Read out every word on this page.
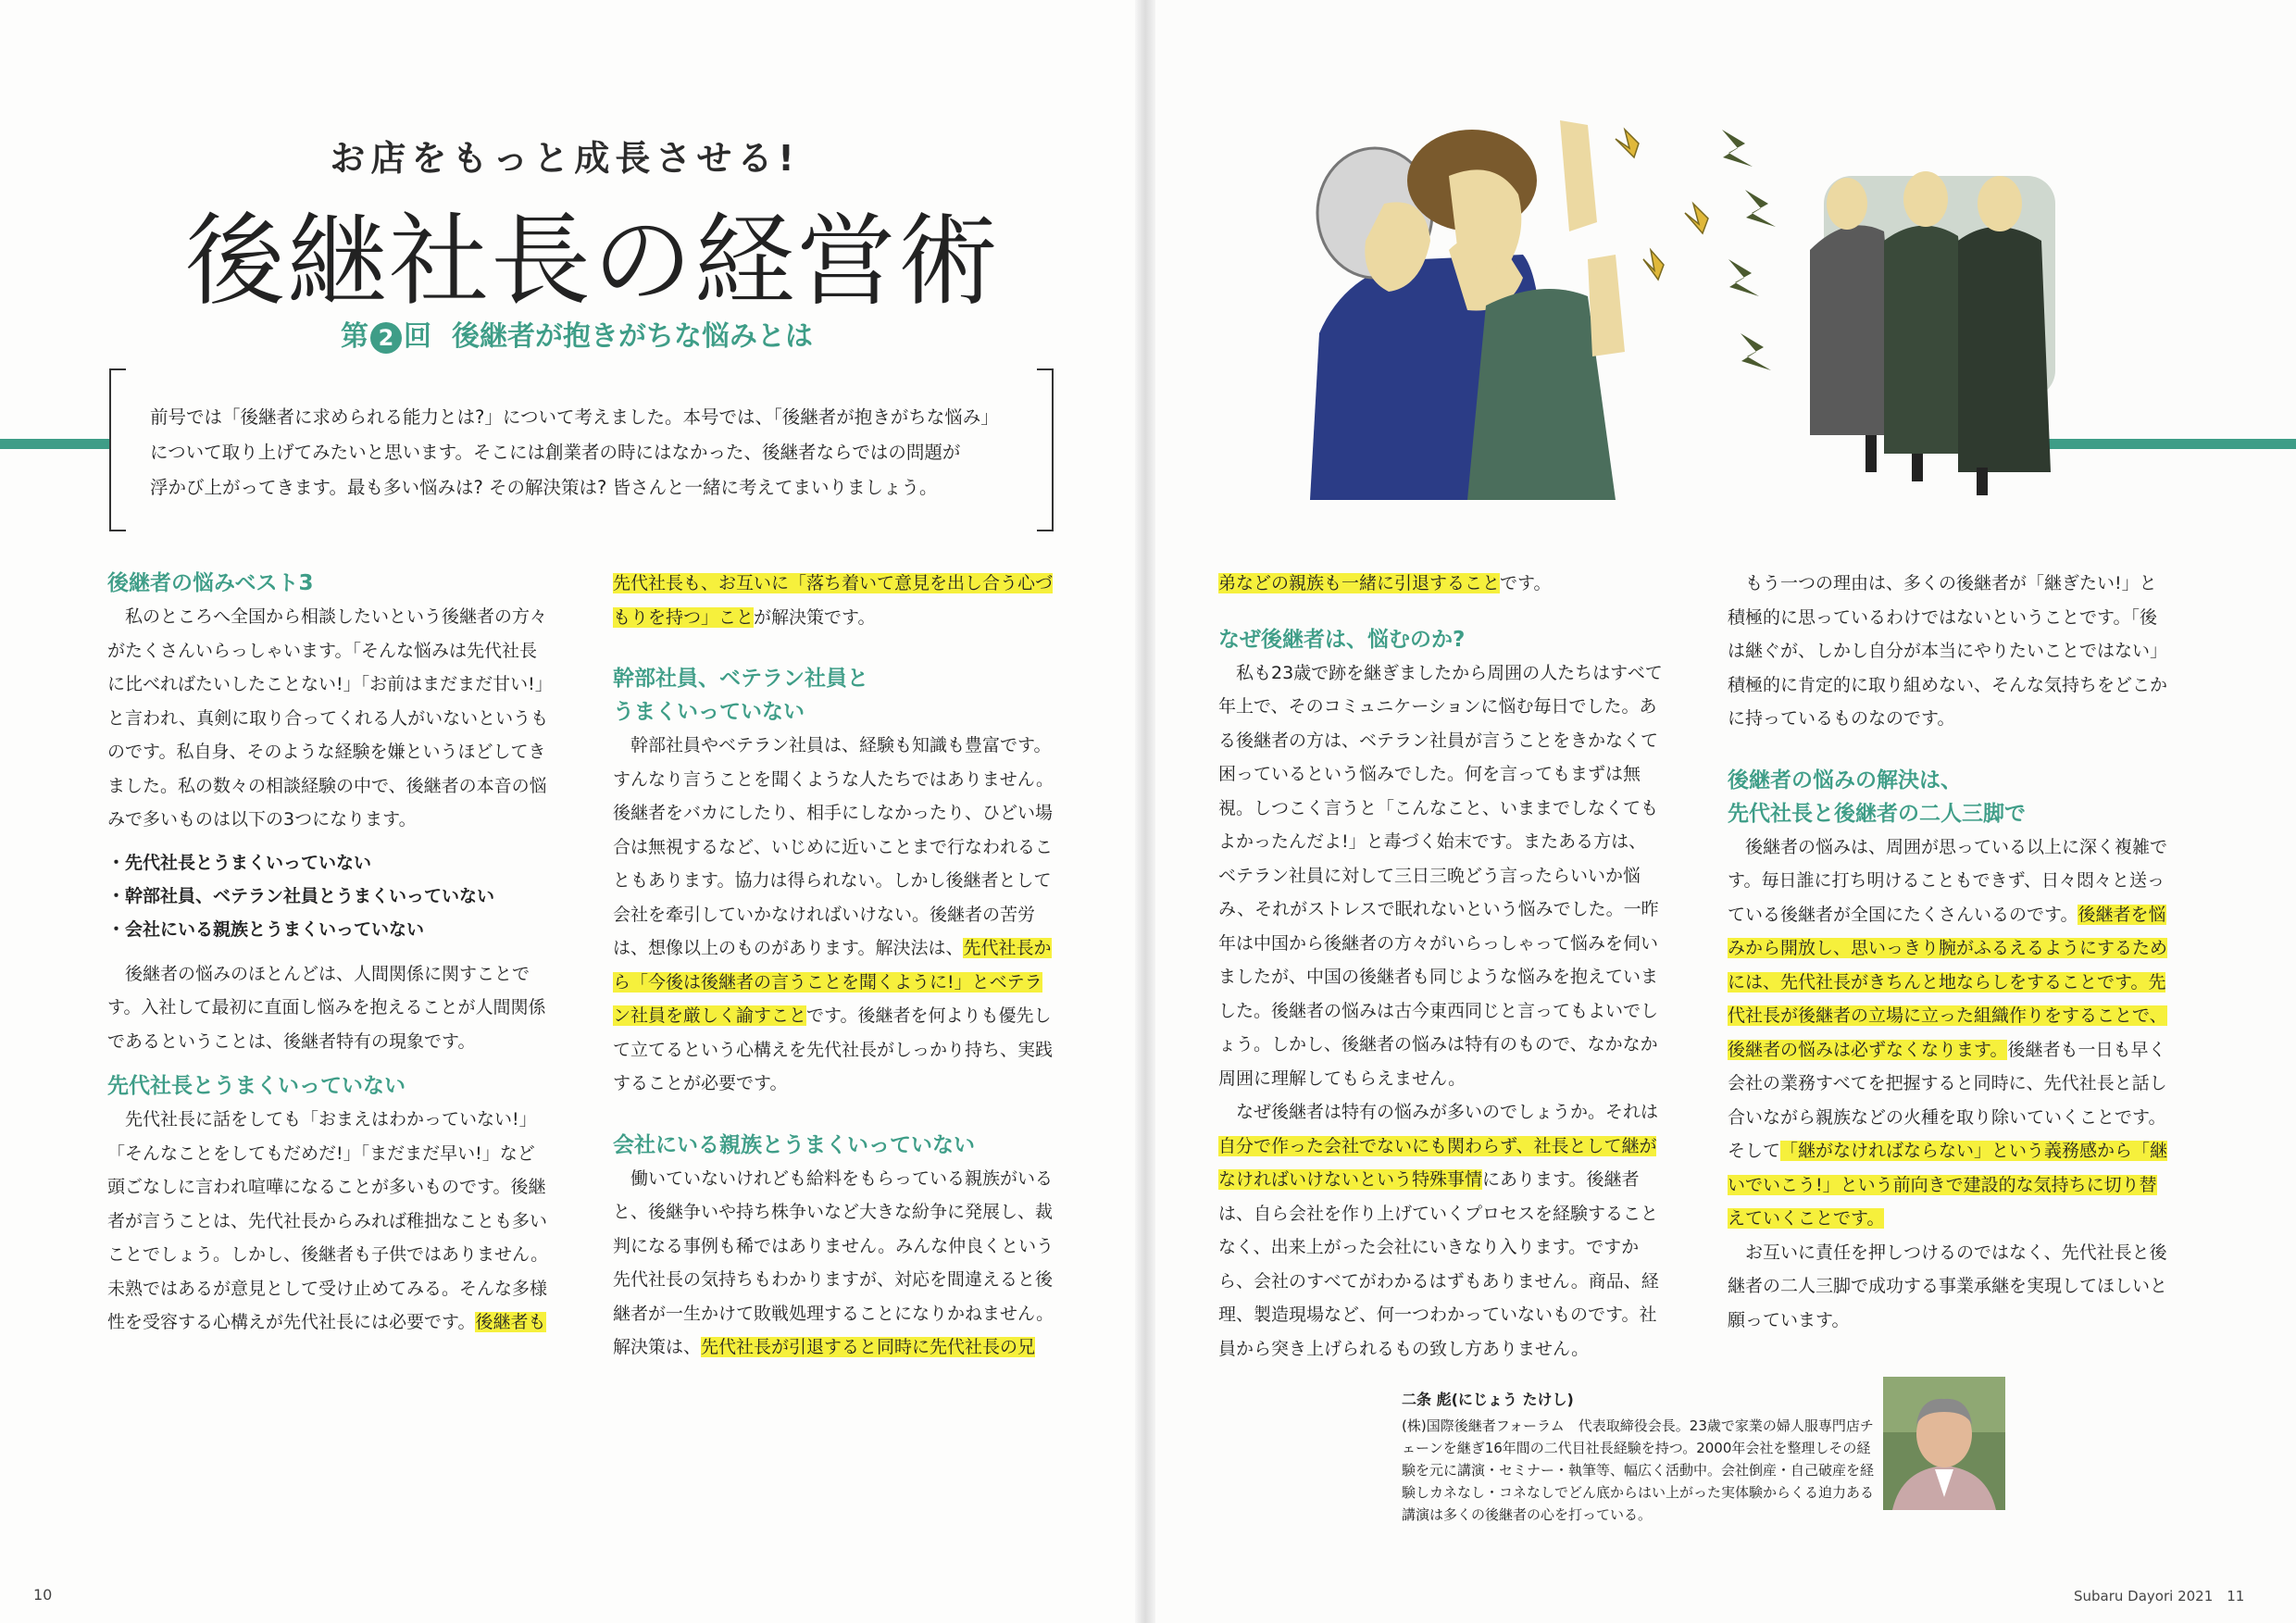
お店をもっと成長させる!
後継社長の経営術
第 2 回 後継者が抱きがちな悩みとは

前号では「後継者に求められる能力とは?」について考えました。本号では、「後継者が抱きがちな悩み」

について取り上げてみたいと思います。そこには創業者の時にはなかった、後継者ならではの問題が

浮かび上がってきます。最も多い悩みは? その解決策は? 皆さんと一緒に考えてまいりましょう。

後継者の悩みベスト3

私のところへ全国から相談したいという後継者の方々がたくさんいらっしゃいます。「そんな悩みは先代社長に比べればたいしたことない!」「お前はまだまだ甘い!」と言われ、真剣に取り合ってくれる人がいないというものです。私自身、そのような経験を嫌というほどしてきました。私の数々の相談経験の中で、後継者の本音の悩みで多いものは以下の3つになります。

・先代社長とうまくいっていない
・幹部社員、ベテラン社員とうまくいっていない
・会社にいる親族とうまくいっていない

後継者の悩みのほとんどは、人間関係に関すことです。入社して最初に直面し悩みを抱えることが人間関係であるということは、後継者特有の現象です。

先代社長とうまくいっていない

先代社長に話をしても「おまえはわかっていない!」「そんなことをしてもだめだ!」「まだまだ早い!」など頭ごなしに言われ喧嘩になることが多いものです。後継者が言うことは、先代社長からみれば稚拙なことも多いことでしょう。しかし、後継者も子供ではありません。未熟ではあるが意見として受け止めてみる。そんな多様性を受容する心構えが先代社長には必要です。後継者も

先代社長も、お互いに「落ち着いて意見を出し合う心づもりを持つ」ことが解決策です。

幹部社員、ベテラン社員と
うまくいっていない

幹部社員やベテラン社員は、経験も知識も豊富です。すんなり言うことを聞くような人たちではありません。後継者をバカにしたり、相手にしなかったり、ひどい場合は無視するなど、いじめに近いことまで行なわれることもあります。協力は得られない。しかし後継者として会社を牽引していかなければいけない。後継者の苦労は、想像以上のものがあります。解決法は、先代社長から「今後は後継者の言うことを聞くように!」とベテラン社員を厳しく諭すことです。後継者を何よりも優先して立てるという心構えを先代社長がしっかり持ち、実践することが必要です。

会社にいる親族とうまくいっていない

働いていないけれども給料をもらっている親族がいると、後継争いや持ち株争いなど大きな紛争に発展し、裁判になる事例も稀ではありません。みんな仲良くという先代社長の気持ちもわかりますが、対応を間違えると後継者が一生かけて敗戦処理することになりかねません。解決策は、先代社長が引退すると同時に先代社長の兄

弟などの親族も一緒に引退することです。

なぜ後継者は、悩むのか?

私も23歳で跡を継ぎましたから周囲の人たちはすべて年上で、そのコミュニケーションに悩む毎日でした。ある後継者の方は、ベテラン社員が言うことをきかなくて困っているという悩みでした。何を言ってもまずは無視。しつこく言うと「こんなこと、いままでしなくてもよかったんだよ!」と毒づく始末です。またある方は、ベテラン社員に対して三日三晩どう言ったらいいか悩み、それがストレスで眠れないという悩みでした。一昨年は中国から後継者の方々がいらっしゃって悩みを伺いましたが、中国の後継者も同じような悩みを抱えていました。後継者の悩みは古今東西同じと言ってもよいでしょう。しかし、後継者の悩みは特有のもので、なかなか周囲に理解してもらえません。

なぜ後継者は特有の悩みが多いのでしょうか。それは自分で作った会社でないにも関わらず、社長として継がなければいけないという特殊事情にあります。後継者は、自ら会社を作り上げていくプロセスを経験することなく、出来上がった会社にいきなり入ります。ですから、会社のすべてがわかるはずもありません。商品、経理、製造現場など、何一つわかっていないものです。社員から突き上げられるもの致し方ありません。

もう一つの理由は、多くの後継者が「継ぎたい!」と積極的に思っているわけではないということです。「後は継ぐが、しかし自分が本当にやりたいことではない」積極的に肯定的に取り組めない、そんな気持ちをどこかに持っているものなのです。

後継者の悩みの解決は、
先代社長と後継者の二人三脚で

後継者の悩みは、周囲が思っている以上に深く複雑です。毎日誰に打ち明けることもできず、日々悶々と送っている後継者が全国にたくさんいるのです。後継者を悩みから開放し、思いっきり腕がふるえるようにするためには、先代社長がきちんと地ならしをすることです。先代社長が後継者の立場に立った組織作りをすることで、後継者の悩みは必ずなくなります。後継者も一日も早く会社の業務すべてを把握すると同時に、先代社長と話し合いながら親族などの火種を取り除いていくことです。そして「継がなければならない」という義務感から「継いでいこう!」という前向きで建設的な気持ちに切り替えていくことです。

お互いに責任を押しつけるのではなく、先代社長と後継者の二人三脚で成功する事業承継を実現してほしいと願っています。

二条 彪(にじょう たけし)

(株)国際後継者フォーラム　代表取締役会長。23歳で家業の婦人服専門店チェーンを継ぎ16年間の二代目社長経験を持つ。2000年会社を整理しその経験を元に講演・セミナー・執筆等、幅広く活動中。会社倒産・自己破産を経験しカネなし・コネなしでどん底からはい上がった実体験からくる迫力ある講演は多くの後継者の心を打っている。

10	Subaru Dayori 2021　11
